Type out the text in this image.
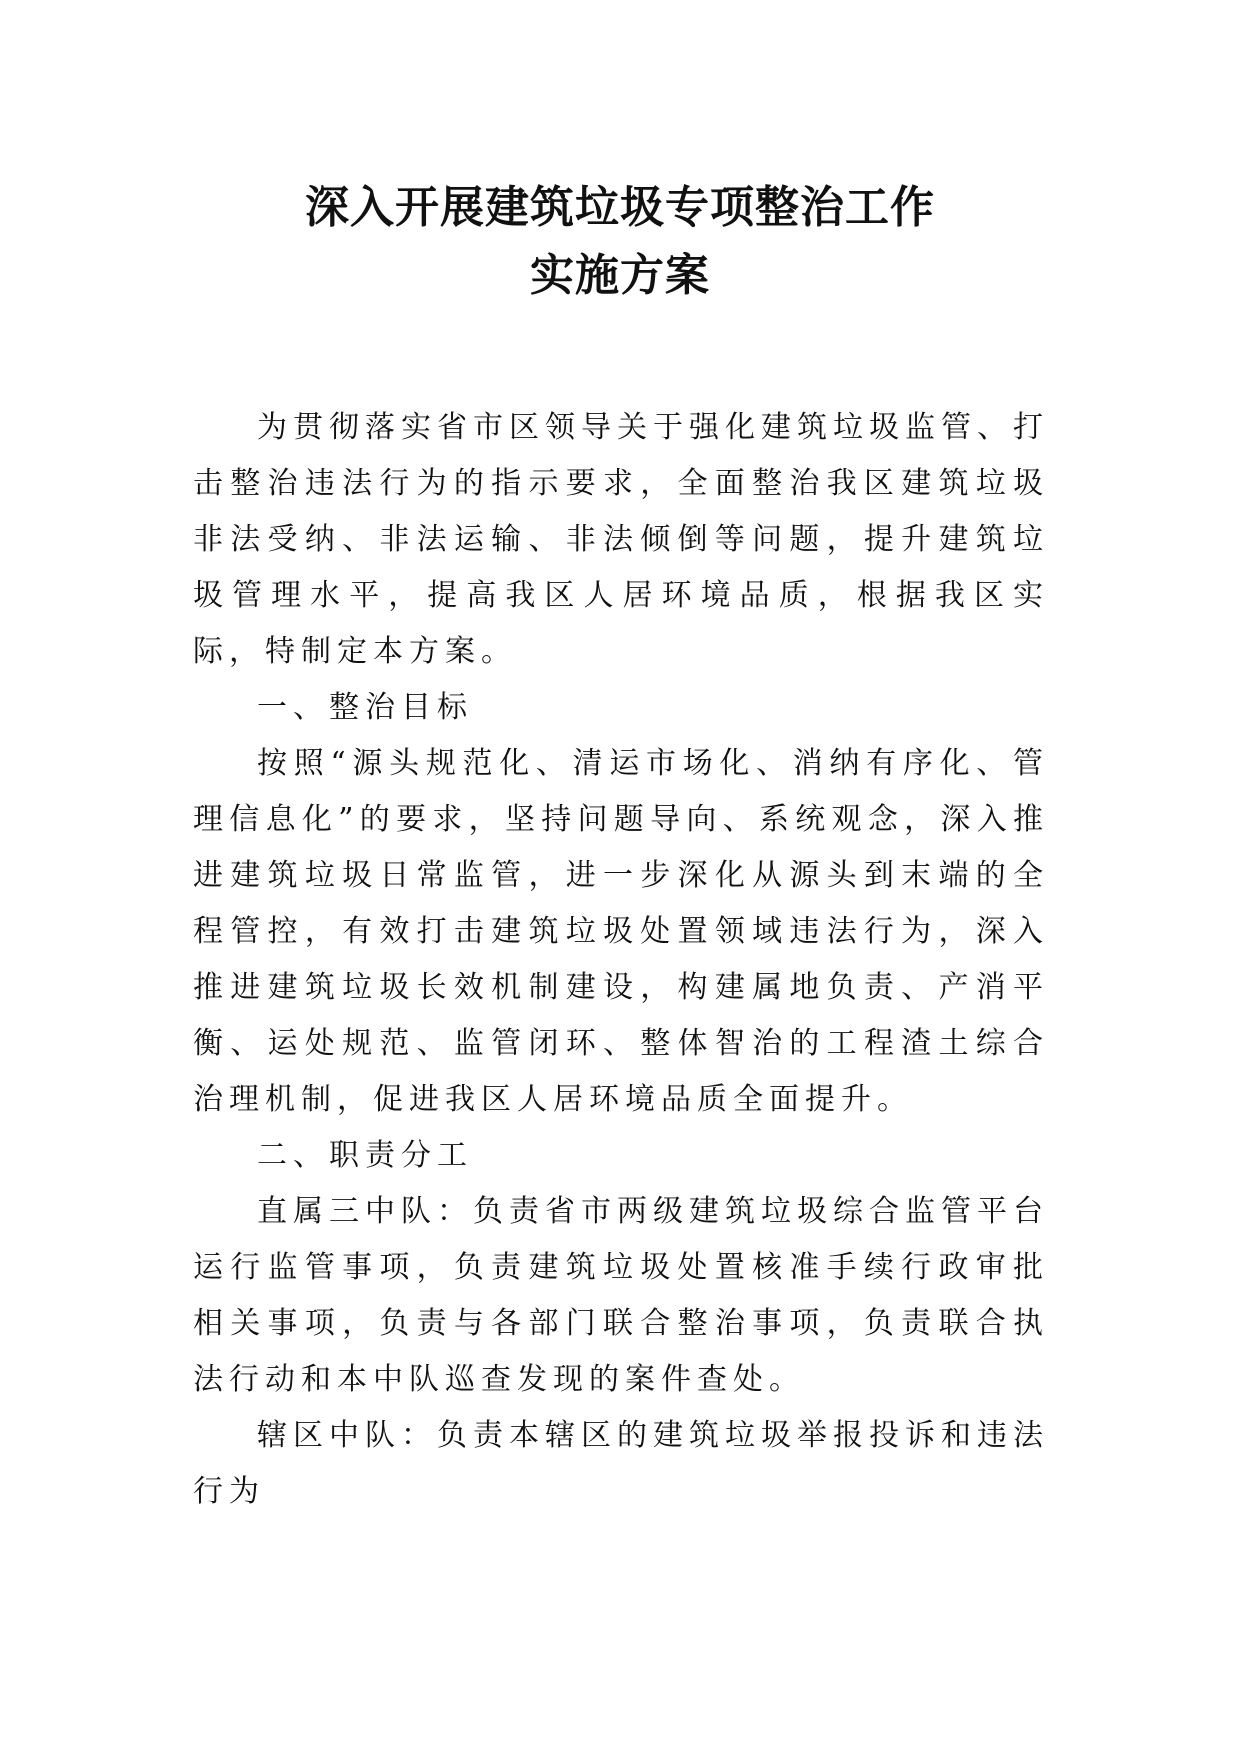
深入开展建筑垃圾专项整治工作
实施方案

为贯彻落实省市区领导关于强化建筑垃圾监管、打击整治违法行为的指示要求，全面整治我区建筑垃圾非法受纳、非法运输、非法倾倒等问题，提升建筑垃圾管理水平，提高我区人居环境品质，根据我区实际，特制定本方案。

一、整治目标

按照“源头规范化、清运市场化、消纳有序化、管理信息化”的要求，坚持问题导向、系统观念，深入推进建筑垃圾日常监管，进一步深化从源头到末端的全程管控，有效打击建筑垃圾处置领域违法行为，深入推进建筑垃圾长效机制建设，构建属地负责、产消平衡、运处规范、监管闭环、整体智治的工程渣土综合治理机制，促进我区人居环境品质全面提升。

二、职责分工

直属三中队：负责省市两级建筑垃圾综合监管平台运行监管事项，负责建筑垃圾处置核准手续行政审批相关事项，负责与各部门联合整治事项，负责联合执法行动和本中队巡查发现的案件查处。

辖区中队：负责本辖区的建筑垃圾举报投诉和违法行为
